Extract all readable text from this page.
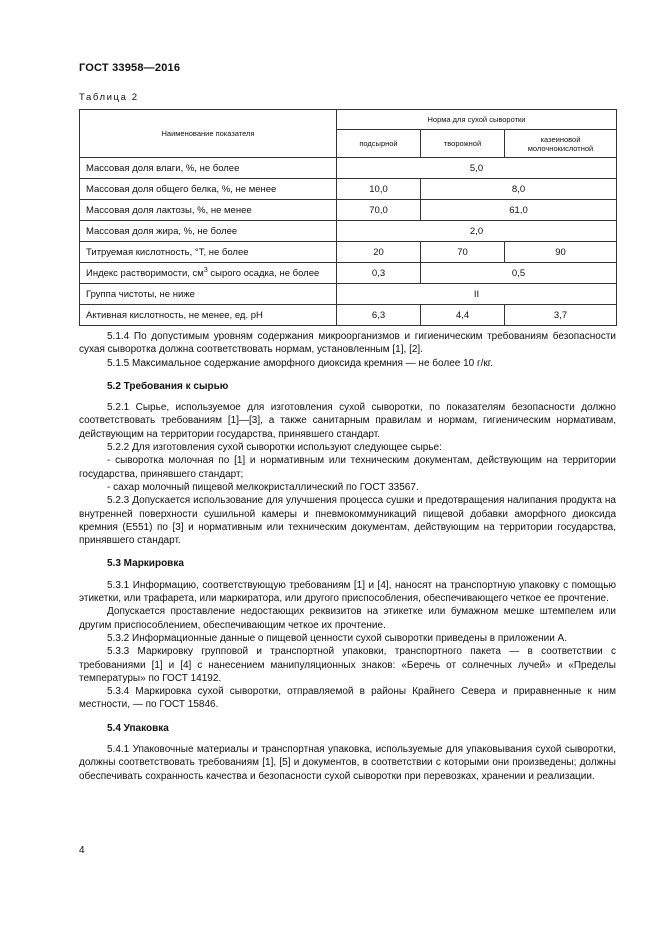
ГОСТ 33958—2016
Таблица 2
Наименование показателя	Норма для сухой сыворотки		
	подсырной	творожной	казеиновой молочнокислотной
Массовая доля влаги, %, не более	5,0		
Массовая доля общего белка, %, не менее	10,0	8,0	
Массовая доля лактозы, %, не менее	70,0	61,0	
Массовая доля жира, %, не более	2,0		
Титруемая кислотность, °Т, не более	20	70	90
Индекс растворимости, $см^3$ сырого осадка, не более	0,3	0,5	
Группа чистоты, не ниже	II		
Активная кислотность, не менее, ед. pH	6,3	4,4	3,7

5.1.4 По допустимым уровням содержания микроорганизмов и гигиеническим требованиям безопасности сухая сыворотка должна соответствовать нормам, установленным [1], [2].

5.1.5 Максимальное содержание аморфного диоксида кремния — не более 10 г/кг.

5.2 Требования к сырью

5.2.1 Сырье, используемое для изготовления сухой сыворотки, по показателям безопасности должно соответствовать требованиям [1]—[3], а также санитарным правилам и нормам, гигиеническим нормативам, действующим на территории государства, принявшего стандарт.

5.2.2 Для изготовления сухой сыворотки используют следующее сырье:

- сыворотка молочная по [1] и нормативным или техническим документам, действующим на территории государства, принявшего стандарт;

- сахар молочный пищевой мелкокристаллический по ГОСТ 33567.

5.2.3 Допускается использование для улучшения процесса сушки и предотвращения налипания продукта на внутренней поверхности сушильной камеры и пневмокоммуникаций пищевой добавки аморфного диоксида кремния (Е551) по [3] и нормативным или техническим документам, действующим на территории государства, принявшего стандарт.

5.3 Маркировка

5.3.1 Информацию, соответствующую требованиям [1] и [4], наносят на транспортную упаковку с помощью этикетки, или трафарета, или маркиратора, или другого приспособления, обеспечивающего четкое ее прочтение.

Допускается проставление недостающих реквизитов на этикетке или бумажном мешке штемпелем или другим приспособлением, обеспечивающим четкое их прочтение.

5.3.2 Информационные данные о пищевой ценности сухой сыворотки приведены в приложении А.

5.3.3 Маркировку групповой и транспортной упаковки, транспортного пакета — в соответствии с требованиями [1] и [4] с нанесением манипуляционных знаков: «Беречь от солнечных лучей» и «Пределы температуры» по ГОСТ 14192.

5.3.4 Маркировка сухой сыворотки, отправляемой в районы Крайнего Севера и приравненные к ним местности, — по ГОСТ 15846.

5.4 Упаковка

5.4.1 Упаковочные материалы и транспортная упаковка, используемые для упаковывания сухой сыворотки, должны соответствовать требованиям [1], [5] и документов, в соответствии с которыми они произведены; должны обеспечивать сохранность качества и безопасности сухой сыворотки при перевозках, хранении и реализации.

4
